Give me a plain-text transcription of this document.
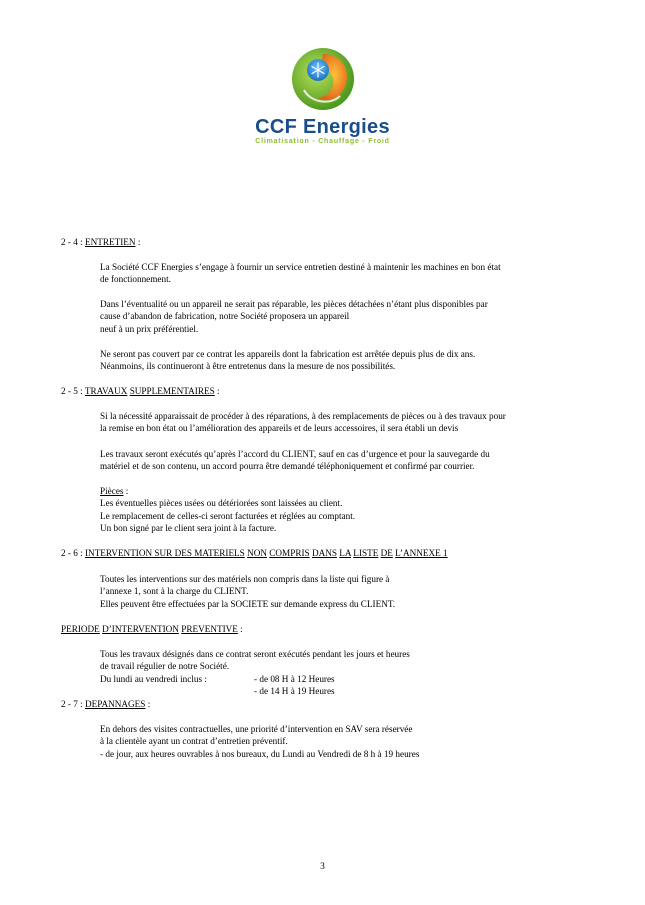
CCF Energies
Climatisation - Chauffage - Froid
2 - 4 : ENTRETIEN :
La Société CCF Energies s’engage à fournir un service entretien destiné à maintenir les machines en bon état
de fonctionnement.
Dans l’éventualité ou un appareil ne serait pas réparable, les pièces détachées n’étant plus disponibles par
cause d’abandon de fabrication, notre Société proposera un appareil
neuf à un prix préférentiel.
Ne seront pas couvert par ce contrat les appareils dont la fabrication est arrêtée depuis plus de dix ans.
Néanmoins, ils continueront à être entretenus dans la mesure de nos possibilités.
2 - 5 : TRAVAUX SUPPLEMENTAIRES :
Si la nécessité apparaissait de procéder à des réparations, à des remplacements de pièces ou à des travaux pour
la remise en bon état ou l’amélioration des appareils et de leurs accessoires, il sera établi un devis
Les travaux seront exécutés qu’après l’accord du CLIENT, sauf en cas d’urgence et pour la sauvegarde du
matériel et de son contenu, un accord pourra être demandé téléphoniquement et confirmé par courrier.
Pièces :
Les éventuelles pièces usées ou détériorées sont laissées au client.
Le remplacement de celles-ci seront facturées et réglées au comptant.
Un bon signé par le client sera joint à la facture.
2 - 6 : INTERVENTION SUR DES MATERIELS NON COMPRIS DANS LA LISTE DE L’ANNEXE 1
Toutes les interventions sur des matériels non compris dans la liste qui figure à
l’annexe 1, sont à la charge du CLIENT.
Elles peuvent être effectuées par la SOCIETE sur demande express du CLIENT.
PERIODE D’INTERVENTION PREVENTIVE :
Tous les travaux désignés dans ce contrat seront exécutés pendant les jours et heures
de travail régulier de notre Société.
Du lundi au vendredi inclus :	- de 08 H à 12 Heures
- de 14 H à 19 Heures
2 - 7 : DEPANNAGES :
En dehors des visites contractuelles, une priorité d’intervention en SAV sera réservée
à la clientèle ayant un contrat d’entretien préventif.
- de jour, aux heures ouvrables à nos bureaux, du Lundi au Vendredi de 8 h à 19 heures
3
